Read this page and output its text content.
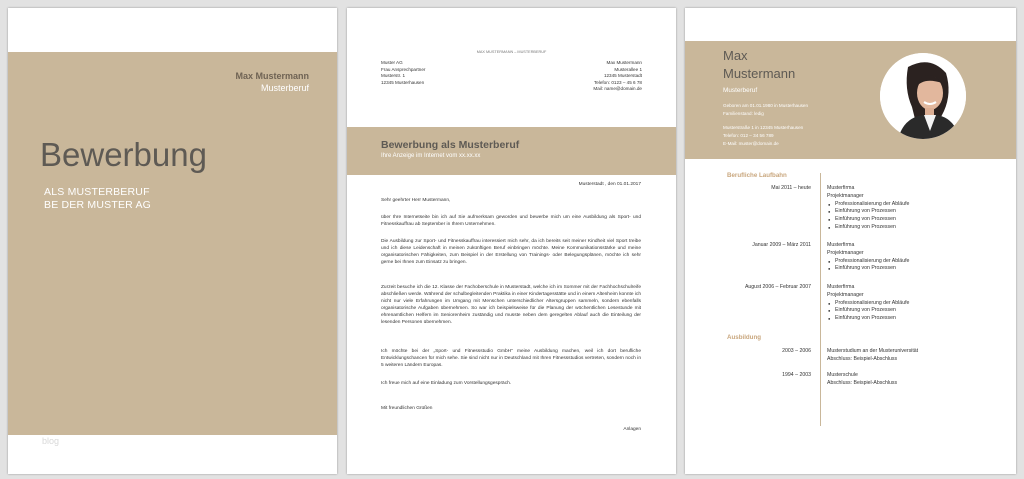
Max Mustermann
Musterberuf
Bewerbung
ALS MUSTERBERUF
BE DER MUSTER AG
blog
MAX MUSTERMANN – MUSTERBERUF
Muster AG
Frau Ansprechpartner
Musterstr. 1
12345 Musterhausen
Max Mustermann
Musterallee 1
12345 Musterstadt
Telefon: 0123 – 45 6 78
Mail: name@domain.de
Bewerbung als Musterberuf
Ihre Anzeige im Internet vom xx.xx.xx
Musterstadt , den 01.01.2017
Sehr geehrter Herr Mustermann,
über Ihre Internetseite bin ich auf Sie aufmerksam geworden und bewerbe mich um eine Ausbildung als Sport- und Fitnesskauffrau ab September in Ihrem Unternehmen.
Die Ausbildung zur Sport- und Fitnesskauffrau interessiert mich sehr, da ich bereits seit meiner Kindheit viel Sport treibe und ich diese Leidenschaft in meinen zukünftigen Beruf einbringen möchte. Meine Kommunikationsstärke und meine organisatorischen Fähigkeiten, zum Beispiel in der Erstellung von Trainings- oder Belegungsplänen, möchte ich sehr gerne bei Ihnen zum Einsatz zu bringen.
Zurzeit besuche ich die 12. Klasse der Fachoberschule in Musterstadt, welche ich im Sommer mit der Fachhochschulreife abschließen werde. Während der schulbegleitenden Praktika in einer Kindertagesstätte und in einem Altenheim konnte ich nicht nur viele Erfahrungen im Umgang mit Menschen unterschiedlicher Altersgruppen sammeln, sondern ebenfalls organisatorische Aufgaben übernehmen. So war ich beispielsweise für die Planung der wöchentlichen Lesestunde mit ehrenamtlichen Helfern im Seniorenheim zuständig und musste neben dem geregelten Ablauf auch die Einteilung der lesenden Personen übernehmen.
Ich möchte bei der „Sport- und Fitnessstudio GmbH“ meine Ausbildung machen, weil ich dort berufliche Entwicklungschancen für mich sehe. Sie sind nicht nur in Deutschland mit Ihren Fitnessstudios vertreten, sondern noch in 5 weiteren Ländern Europas.
Ich freue mich auf eine Einladung zum Vorstellungsgespräch.
Mit freundlichen Grüßen
Anlagen
Max
Mustermann
Musterberuf
Geboren am 01.01.1980 in Musterhausen
Familienstand: ledig
Musterstraße 1 in 12345 Musterhausen
Telefon: 012 – 34 56 789
E-Mail: muster@domain.de
Berufliche Laufbahn
Mai 2011 – heute	Musterfirma
Projektmanager
● Professionalisierung der Abläufe
● Einführung von Prozessen
● Einführung von Prozessen
● Einführung von Prozessen
Januar 2009 – März 2011	Musterfirma
Projektmanager
● Professionalisierung der Abläufe
● Einführung von Prozessen
August 2006 – Februar 2007	Musterfirma
Projektmanager
● Professionalisierung der Abläufe
● Einführung von Prozessen
● Einführung von Prozessen
Ausbildung
2003 – 2006	Musterstudium an der Musteruniversität
Abschluss: Beispiel-Abschluss
1994 – 2003	Musterschule
Abschluss: Beispiel-Abschluss
